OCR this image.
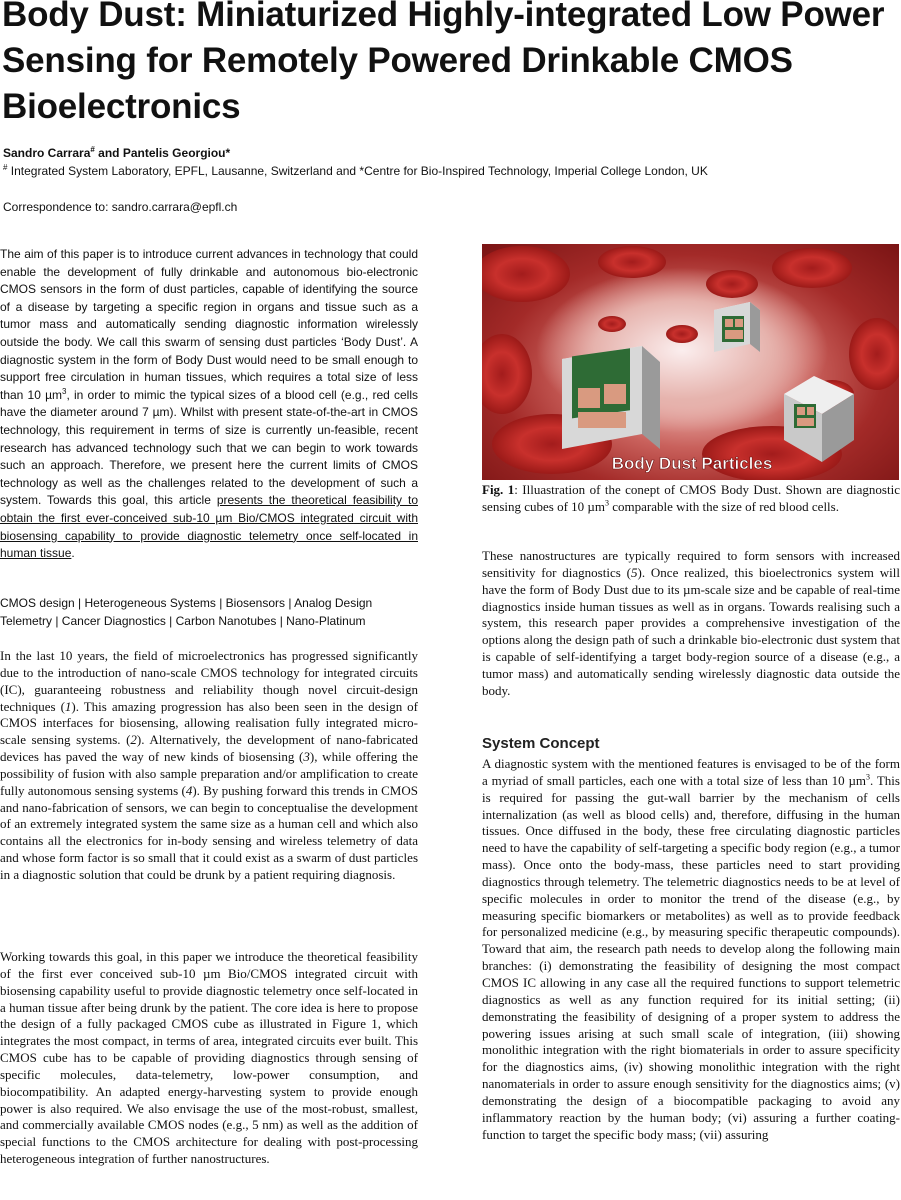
Body Dust: Miniaturized Highly-integrated Low Power Sensing for Remotely Powered Drinkable CMOS Bioelectronics

Sandro Carrara# and Pantelis Georgiou*

# Integrated System Laboratory, EPFL, Lausanne, Switzerland and *Centre for Bio-Inspired Technology, Imperial College London, UK

Correspondence to: sandro.carrara@epfl.ch

The aim of this paper is to introduce current advances in technology that could enable the development of fully drinkable and autonomous bio-electronic CMOS sensors in the form of dust particles, capable of identifying the source of a disease by targeting a specific region in organs and tissue such as a tumor mass and automatically sending diagnostic information wirelessly outside the body. We call this swarm of sensing dust particles ‘Body Dust’. A diagnostic system in the form of Body Dust would need to be small enough to support free circulation in human tissues, which requires a total size of less than 10 µm$^3$, in order to mimic the typical sizes of a blood cell (e.g., red cells have the diameter around 7 µm). Whilst with present state-of-the-art in CMOS technology, this requirement in terms of size is currently un-feasible, recent research has advanced technology such that we can begin to work towards such an approach. Therefore, we present here the current limits of CMOS technology as well as the challenges related to the development of such a system. Towards this goal, this article presents the theoretical feasibility to obtain the first ever-conceived sub-10 µm Bio/CMOS integrated circuit with biosensing capability to provide diagnostic telemetry once self-located in human tissue.

CMOS design | Heterogeneous Systems | Biosensors | Analog Design Telemetry | Cancer Diagnostics | Carbon Nanotubes | Nano-Platinum

In the last 10 years, the field of microelectronics has progressed significantly due to the introduction of nano-scale CMOS technology for integrated circuits (IC), guaranteeing robustness and reliability though novel circuit-design techniques (1). This amazing progression has also been seen in the design of CMOS interfaces for biosensing, allowing realisation fully integrated micro-scale sensing systems. (2). Alternatively, the development of nano-fabricated devices has paved the way of new kinds of biosensing (3), while offering the possibility of fusion with also sample preparation and/or amplification to create fully autonomous sensing systems (4). By pushing forward this trends in CMOS and nano-fabrication of sensors, we can begin to conceptualise the development of an extremely integrated system the same size as a human cell and which also contains all the electronics for in-body sensing and wireless telemetry of data and whose form factor is so small that it could exist as a swarm of dust particles in a diagnostic solution that could be drunk by a patient requiring diagnosis.

Working towards this goal, in this paper we introduce the theoretical feasibility of the first ever conceived sub-10 µm Bio/CMOS integrated circuit with biosensing capability useful to provide diagnostic telemetry once self-located in a human tissue after being drunk by the patient. The core idea is here to propose the design of a fully packaged CMOS cube as illustrated in Figure 1, which integrates the most compact, in terms of area, integrated circuits ever built. This CMOS cube has to be capable of providing diagnostics through sensing of specific molecules, data-telemetry, low-power consumption, and biocompatibility. An adapted energy-harvesting system to provide enough power is also required. We also envisage the use of the most-robust, smallest, and commercially available CMOS nodes (e.g., 5 nm) as well as the addition of special functions to the CMOS architecture for dealing with post-processing heterogeneous integration of further nanostructures.

Body Dust Particles

Fig. 1: Illuastration of the conept of CMOS Body Dust. Shown are diagnostic sensing cubes of 10 µm$^3$ comparable with the size of red blood cells.

These nanostructures are typically required to form sensors with increased sensitivity for diagnostics (5). Once realized, this bioelectronics system will have the form of Body Dust due to its µm-scale size and be capable of real-time diagnostics inside human tissues as well as in organs. Towards realising such a system, this research paper provides a comprehensive investigation of the options along the design path of such a drinkable bio-electronic dust system that is capable of self-identifying a target body-region source of a disease (e.g., a tumor mass) and automatically sending wirelessly diagnostic data outside the body.

System Concept

A diagnostic system with the mentioned features is envisaged to be of the form a myriad of small particles, each one with a total size of less than 10 µm$^3$. This is required for passing the gut-wall barrier by the mechanism of cells internalization (as well as blood cells) and, therefore, diffusing in the human tissues. Once diffused in the body, these free circulating diagnostic particles need to have the capability of self-targeting a specific body region (e.g., a tumor mass). Once onto the body-mass, these particles need to start providing diagnostics through telemetry. The telemetric diagnostics needs to be at level of specific molecules in order to monitor the trend of the disease (e.g., by measuring specific biomarkers or metabolites) as well as to provide feedback for personalized medicine (e.g., by measuring specific therapeutic compounds). Toward that aim, the research path needs to develop along the following main branches: (i) demonstrating the feasibility of designing the most compact CMOS IC allowing in any case all the required functions to support telemetric diagnostics as well as any function required for its initial setting; (ii) demonstrating the feasibility of designing of a proper system to address the powering issues arising at such small scale of integration, (iii) showing monolithic integration with the right biomaterials in order to assure specificity for the diagnostics aims, (iv) showing monolithic integration with the right nanomaterials in order to assure enough sensitivity for the diagnostics aims; (v) demonstrating the design of a biocompatible packaging to avoid any inflammatory reaction by the human body; (vi) assuring a further coating-function to target the specific body mass; (vii) assuring
